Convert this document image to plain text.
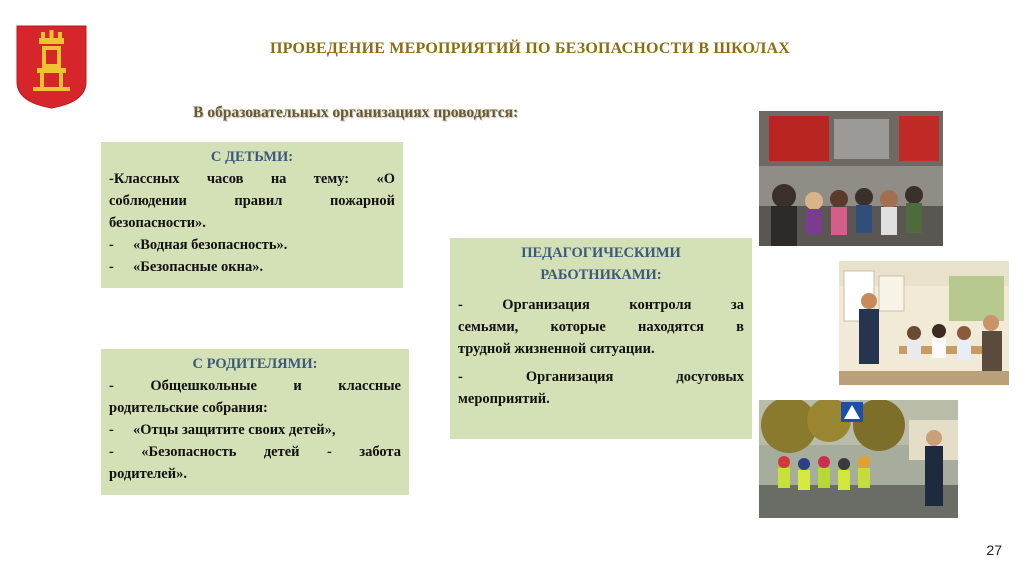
ПРОВЕДЕНИЕ МЕРОПРИЯТИЙ ПО БЕЗОПАСНОСТИ В ШКОЛАХ
В образовательных организациях проводятся:
С ДЕТЬМИ:
-Классных часов на тему: «О
соблюдении правил пожарной
безопасности».
-	«Водная безопасность».
-	«Безопасные окна».
С РОДИТЕЛЯМИ:
- Общешкольные и классные
родительские собрания:
-	«Отцы защитите своих детей»,
- «Безопасность детей - забота
родителей».
ПЕДАГОГИЧЕСКИМИ
РАБОТНИКАМИ:
- Организация контроля за
семьями, которые находятся в
трудной жизненной ситуации.
- Организация досуговых
мероприятий.
27
